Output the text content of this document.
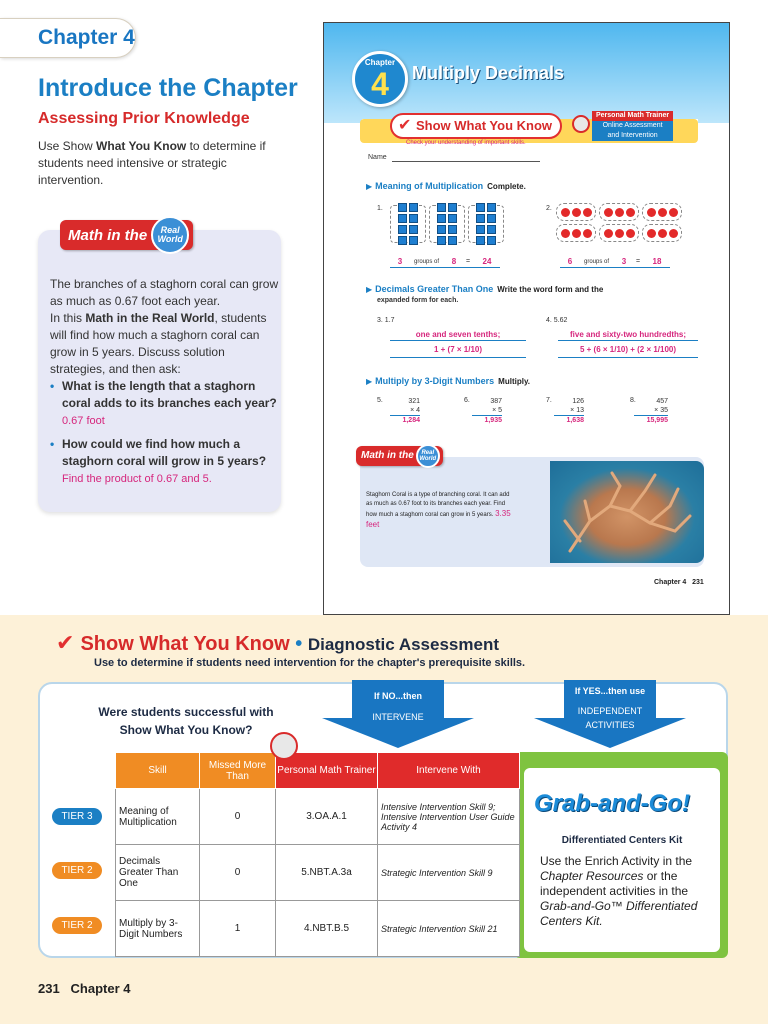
Chapter 4
Introduce the Chapter
Assessing Prior Knowledge
Use Show What You Know to determine if students need intensive or strategic intervention.
Math in the	Real
World
The branches of a staghorn coral can grow as much as 0.67 foot each year.
In this Math in the Real World, students will find how much a staghorn coral can grow in 5 years. Discuss solution strategies, and then ask:
• What is the length that a staghorn coral adds to its branches each year? 0.67 foot
• How could we find how much a staghorn coral will grow in 5 years? Find the product of 0.67 and 5.
Chapter
4	Multiply Decimals
✔ Show What You Know
Personal Math Trainer
Online Assessment
and Intervention
Check your understanding of important skills.
Name
▶ Meaning of Multiplication Complete.
1.
3	groups of	8	=	24
2.
6	groups of	3	=	18
▶ Decimals Greater Than One Write the word form and the
expanded form for each.
3. 1.7
one and seven tenths;
1 + (7 × 1/10)
4. 5.62
five and sixty-two hundredths;
5 + (6 × 1/10) + (2 × 1/100)
▶ Multiply by 3-Digit Numbers Multiply.
5.	321
× 4
1,284
6.	387
× 5
1,935
7.	126
× 13
1,638
8.	457
× 35
15,995
Staghorn Coral is a type of branching coral. It can add as much as 0.67 foot to its branches each year. Find how much a staghorn coral can grow in 5 years. 3.35 feet
Math in the	Real
World
Chapter 4   231
✔ Show What You Know • Diagnostic Assessment
Use to determine if students need intervention for the chapter's prerequisite skills.
Were students successful with Show What You Know?
If NO...then
INTERVENE
If YES...then use
INDEPENDENT
ACTIVITIES
Grab-and-Go!
Differentiated Centers Kit
Use the Enrich Activity in the Chapter Resources or the independent activities in the Grab-and-Go™ Differentiated Centers Kit.
Skill	Missed More Than	Personal Math Trainer	Intervene With
Meaning of Multiplication	0	3.OA.A.1	Intensive Intervention Skill 9; Intensive Intervention User Guide Activity 4
Decimals Greater Than One	0	5.NBT.A.3a	Strategic Intervention Skill 9
Multiply by 3-Digit Numbers	1	4.NBT.B.5	Strategic Intervention Skill 21
TIER 3
TIER 2
TIER 2
231   Chapter 4
